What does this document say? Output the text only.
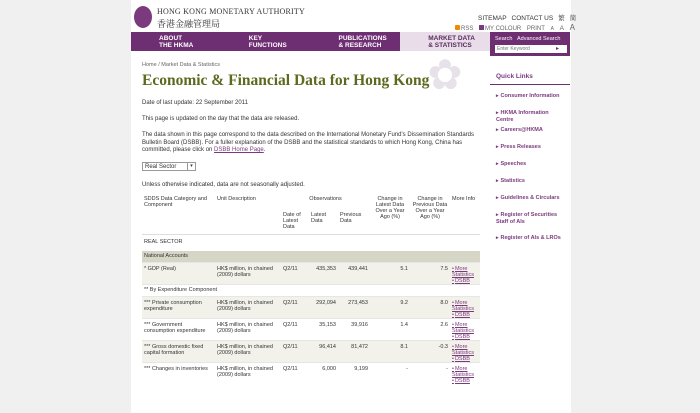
HONG KONG MONETARY AUTHORITY
香港金融管理局
SITEMAP CONTACT US 繁 简
RSS MY COLOUR PRINT A A A
ABOUT
THE HKMA
KEY
FUNCTIONS
PUBLICATIONS
& RESEARCH
MARKET DATA
& STATISTICS
Search Advanced Search
Enter Keyword
▸
Home / Market Data & Statistics	✿
Economic & Financial Data for Hong Kong

Date of last update: 22 September 2011

This page is updated on the day that the data are released.

The data shown in this page correspond to the data described on the International Monetary Fund's Dissemination Standards Bulletin Board (DSBB). For a fuller explanation of the DSBB and the statistical standards to which Hong Kong, China has committed, please click on DSBB Home Page.

Real Sector	▾

Unless otherwise indicated, data are not seasonally adjusted.

SDDS Data Category and Component	Unit Description	Observations			Change in Latest Data Over a Year Ago (%)	Change in Previous Data Over a Year Ago (%)	More Info
		Date of Latest Data	Latest Data	Previous Data			
REAL SECTOR							
National Accounts							
* GDP (Real)	HK$ million, in chained (2009) dollars	Q2/11	435,353	439,441	5.1	7.5	•More Statistics
•DSBB

** By Expenditure Component							
*** Private consumption expenditure	HK$ million, in chained (2009) dollars	Q2/11	292,094	273,453	9.2	8.0	•More Statistics
•DSBB

*** Government consumption expenditure	HK$ million, in chained (2009) dollars	Q2/11	35,153	39,916	1.4	2.6	•More Statistics
•DSBB

*** Gross domestic fixed capital formation	HK$ million, in chained (2009) dollars	Q2/11	96,414	81,472	8.1	-0.3	•More Statistics
•DSBB

*** Changes in inventories	HK$ million, in chained (2009) dollars	Q2/11	6,000	9,199	-	-	•More Statistics
•DSBB
Quick Links
▸ Consumer Information
▸ HKMA Information Centre
▸ Careers@HKMA
▸ Press Releases
▸ Speeches
▸ Statistics
▸ Guidelines & Circulars
▸ Register of Securities Staff of AIs
▸ Register of AIs & LROs
